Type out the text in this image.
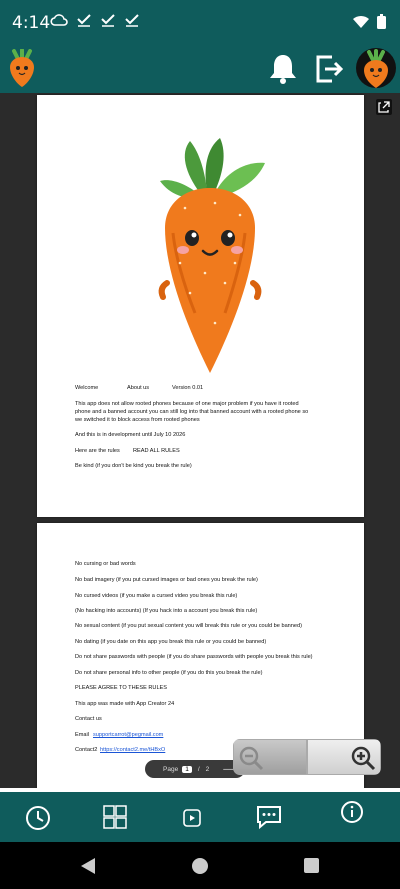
4:14
Welcome	About us	Version 0.01
This app does not allow rooted phones because of one major problem if you have it rooted
phone and a banned account you can still log into that banned account with a rooted phone so
we switched it to block access from rooted phones
And this is in development until July 10 2026
Here are the rules READ ALL RULES
Be kind (if you don't be kind you break the rule)
No cursing or bad words
No bad imagery (if you put cursed images or bad ones you break the rule)
No cursed videos (if you make a cursed video you break this rule)
(No hacking into accounts) (If you hack into a account you break this rule)
No sexual content (if you put sexual content you will break this rule or you could be banned)
No dating (if you date on this app you break this rule or you could be banned)
Do not share passwords with people (if you do share passwords with people you break this rule)
Do not share personal info to other people (if you do this you break the rule)
PLEASE AGREE TO THESE RULES
This app was made with App Creator 24
Contact us
Email supportcarrot@pegmail.com
Contact2 https://contact2.me/tHBxO
Page	1	/ 2 —
